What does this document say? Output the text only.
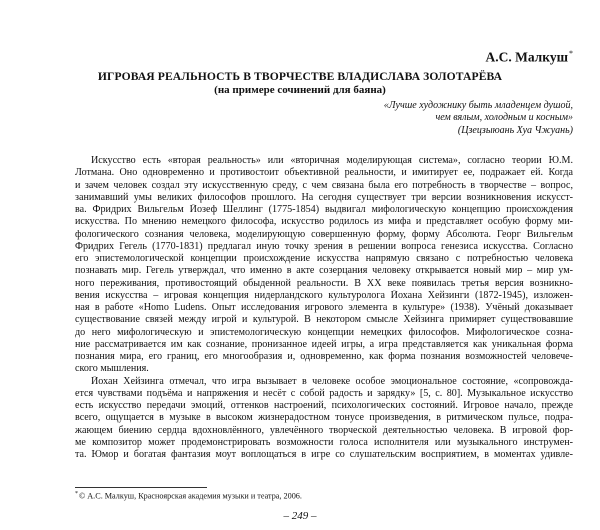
А.С. Малкуш*
ИГРОВАЯ РЕАЛЬНОСТЬ В ТВОРЧЕСТВЕ ВЛАДИСЛАВА ЗОЛОТАРЁВА
(на примере сочинений для баяна)
«Лучше художнику быть младенцем душой,
чем вялым, холодным и косным»
(Цзецзыюань Хуа Чжуань)
Искусство есть «вторая реальность» или «вторичная моделирующая система», согласно теории Ю.М.
Лотмана. Оно одновременно и противостоит объективной реальности, и имитирует ее, подражает ей. Когда
и зачем человек создал эту искусственную среду, с чем связана была его потребность в творчестве – вопрос,
занимавший умы великих философов прошлого. На сегодня существует три версии возникновения искусст-
ва. Фридрих Вильгельм Йозеф Шеллинг (1775-1854) выдвигал мифологическую концепцию происхождения
искусства. По мнению немецкого философа, искусство родилось из мифа и представляет особую форму ми-
фологического сознания человека, моделирующую совершенную форму, форму Абсолюта. Георг Вильгельм
Фридрих Гегель (1770-1831) предлагал иную точку зрения в решении вопроса генезиса искусства. Согласно
его эпистемологической концепции происхождение искусства напрямую связано с потребностью человека
познавать мир. Гегель утверждал, что именно в акте созерцания человеку открывается новый мир – мир ум-
ного переживания, противостоящий обыденной реальности. В XX веке появилась третья версия возникно-
вения искусства – игровая концепция нидерландского культуролога Йохана Хейзинги (1872-1945), изложен-
ная в работе «Homo Ludens. Опыт исследования игрового элемента в культуре» (1938). Учёный доказывает
существование связей между игрой и культурой. В некотором смысле Хейзинга примиряет существовавшие
до него мифологическую и эпистемологическую концепции немецких философов. Мифологическое сознa-
ние рассматривается им как сознание, пронизанное идеей игры, а игра представляется как уникальная форма
познания мира, его границ, его многообразия и, одновременно, как форма познания возможностей человече-
ского мышления.
Йохан Хейзинга отмечал, что игра вызывает в человеке особое эмоциональное состояние, «сопровожда-
ется чувствами подъёма и напряжения и несёт с собой радость и зарядку» [5, с. 80]. Музыкальное искусство
есть искусство передачи эмоций, оттенков настроений, психологических состояний. Игровое начало, прежде
всего, ощущается в музыке в высоком жизнерадостном тонусе произведения, в ритмическом пульсе, подра-
жающем биению сердца вдохновлённого, увлечённого творческой деятельностью человека. В игровой фор-
ме композитор может продемонстрировать возможности голоса исполнителя или музыкального инструмен-
та. Юмор и богатая фантазия моут воплощаться в игре со слушательским восприятием, в моментах удивле-
*© А.С. Малкуш, Красноярская академия музыки и театра, 2006.
– 249 –
